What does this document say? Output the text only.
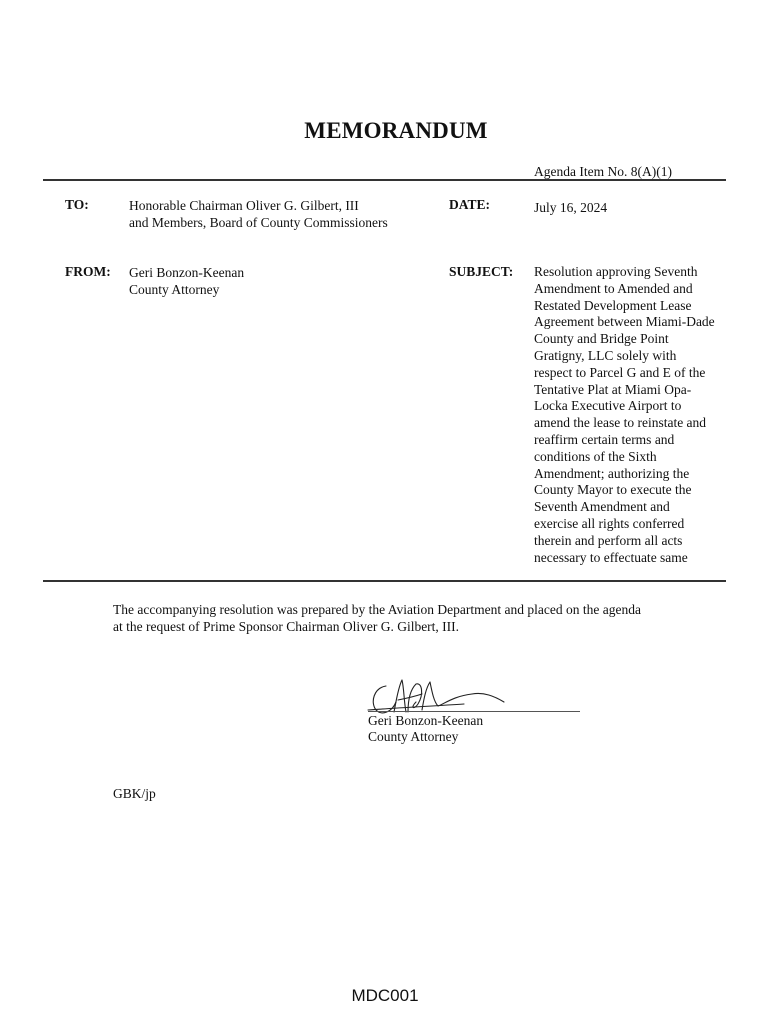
MEMORANDUM
Agenda Item No. 8(A)(1)
TO:	Honorable Chairman Oliver G. Gilbert, III
and Members, Board of County Commissioners
DATE:	July 16, 2024
FROM: Geri Bonzon-Keenan
County Attorney
SUBJECT: Resolution approving Seventh
Amendment to Amended and
Restated Development Lease
Agreement between Miami-Dade
County and Bridge Point
Gratigny, LLC solely with
respect to Parcel G and E of the
Tentative Plat at Miami Opa-
Locka Executive Airport to
amend the lease to reinstate and
reaffirm certain terms and
conditions of the Sixth
Amendment; authorizing the
County Mayor to execute the
Seventh Amendment and
exercise all rights conferred
therein and perform all acts
necessary to effectuate same
The accompanying resolution was prepared by the Aviation Department and placed on the agenda
at the request of Prime Sponsor Chairman Oliver G. Gilbert, III.
Geri Bonzon-Keenan
County Attorney
GBK/jp
MDC001
